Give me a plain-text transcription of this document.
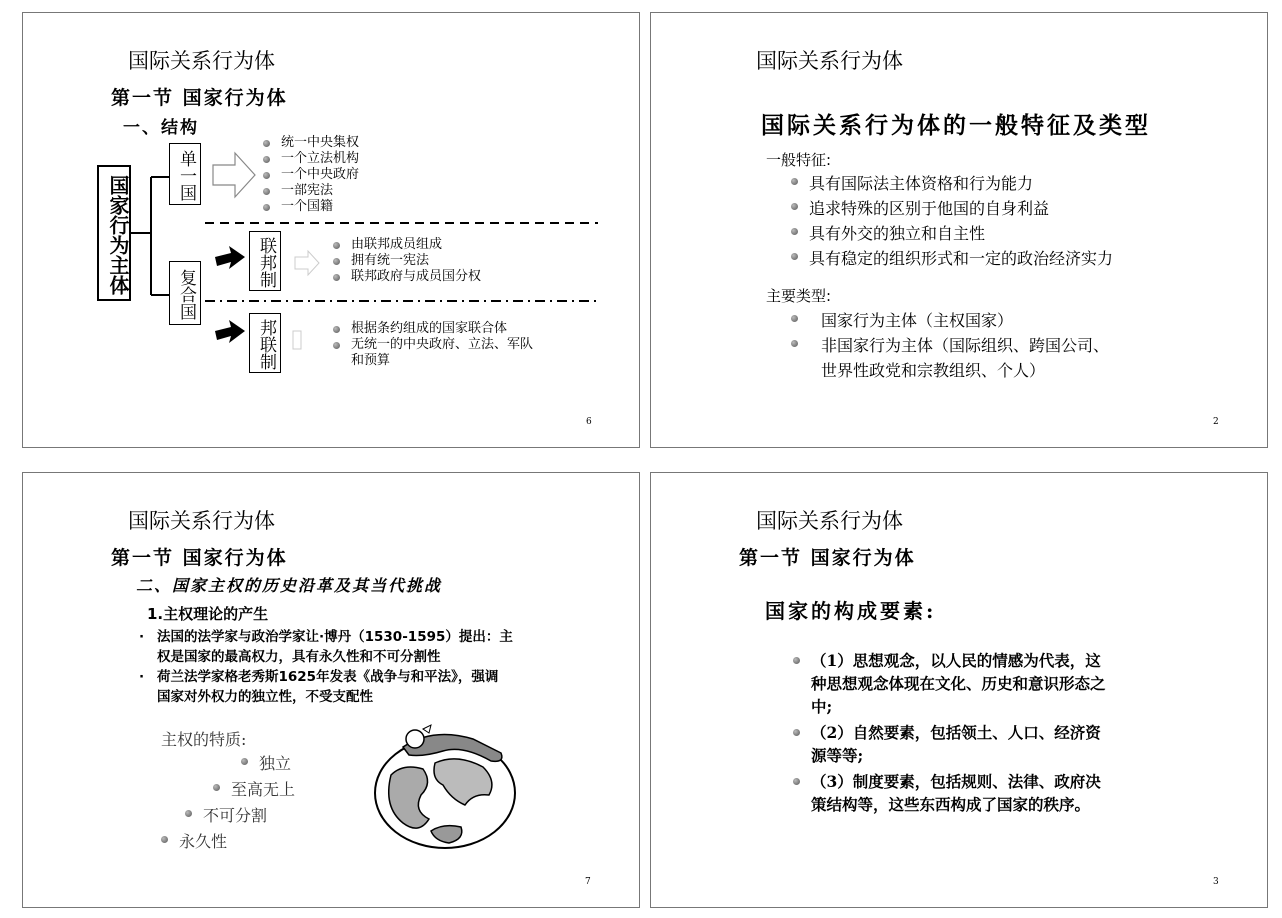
国际关系行为体
第一节 国家行为体
一、结构
国家行为主体	单一国
复合国
联邦制
邦联制
统一中央集权
一个立法机构
一个中央政府
一部宪法
一个国籍
由联邦成员组成
拥有统一宪法
联邦政府与成员国分权
根据条约组成的国家联合体
无统一的中央政府、立法、军队
和预算
6
国际关系行为体
国际关系行为体的一般特征及类型
一般特征:
具有国际法主体资格和行为能力
追求特殊的区别于他国的自身利益
具有外交的独立和自主性
具有稳定的组织形式和一定的政治经济实力
主要类型:
国家行为主体（主权国家）
非国家行为主体（国际组织、跨国公司、
世界性政党和宗教组织、个人）
2
国际关系行为体
第一节 国家行为体
二、国家主权的历史沿革及其当代挑战
1.主权理论的产生
· 法国的法学家与政治学家让·博丹（1530-1595）提出：主
权是国家的最高权力，具有永久性和不可分割性
· 荷兰法学家格老秀斯1625年发表《战争与和平法》，强调
国家对外权力的独立性，不受支配性
主权的特质:
独立
至高无上
不可分割
永久性
7
国际关系行为体
第一节 国家行为体
国家的构成要素:
（1）思想观念，以人民的情感为代表，这
种思想观念体现在文化、历史和意识形态之
中;
（2）自然要素，包括领土、人口、经济资
源等等;
（3）制度要素，包括规则、法律、政府决
策结构等，这些东西构成了国家的秩序。
3
